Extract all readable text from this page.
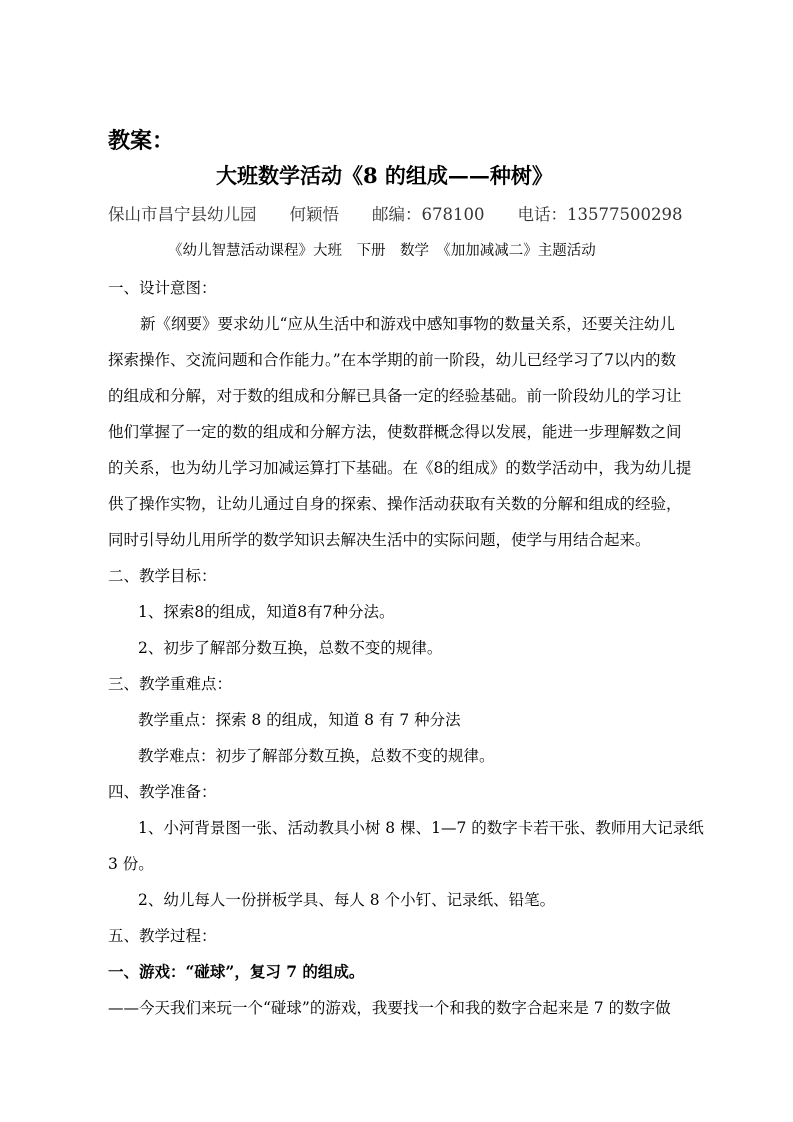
教案：
大班数学活动《8 的组成——种树》
保山市昌宁县幼儿园　　何颖悟　　邮编：678100　　电话：13577500298
《幼儿智慧活动课程》大班　下册　数学　《加加减减二》主题活动
一、设计意图：
新《纲要》要求幼儿“应从生活中和游戏中感知事物的数量关系，还要关注幼儿
探索操作、交流问题和合作能力。”在本学期的前一阶段，幼儿已经学习了7以内的数
的组成和分解，对于数的组成和分解已具备一定的经验基础。前一阶段幼儿的学习让
他们掌握了一定的数的组成和分解方法，使数群概念得以发展，能进一步理解数之间
的关系，也为幼儿学习加减运算打下基础。在《8的组成》的数学活动中，我为幼儿提
供了操作实物，让幼儿通过自身的探索、操作活动获取有关数的分解和组成的经验，
同时引导幼儿用所学的数学知识去解决生活中的实际问题，使学与用结合起来。
二、教学目标：
1、探索8的组成，知道8有7种分法。
2、初步了解部分数互换，总数不变的规律。
三、教学重难点：
教学重点：探索 8 的组成，知道 8 有 7 种分法
教学难点：初步了解部分数互换，总数不变的规律。
四、教学准备：
1、小河背景图一张、活动教具小树 8 棵、1—7 的数字卡若干张、教师用大记录纸
3 份。
2、幼儿每人一份拼板学具、每人 8 个小钉、记录纸、铅笔。
五、教学过程：
一、游戏：“碰球”，复习 7 的组成。
——今天我们来玩一个“碰球”的游戏，我要找一个和我的数字合起来是 7 的数字做
